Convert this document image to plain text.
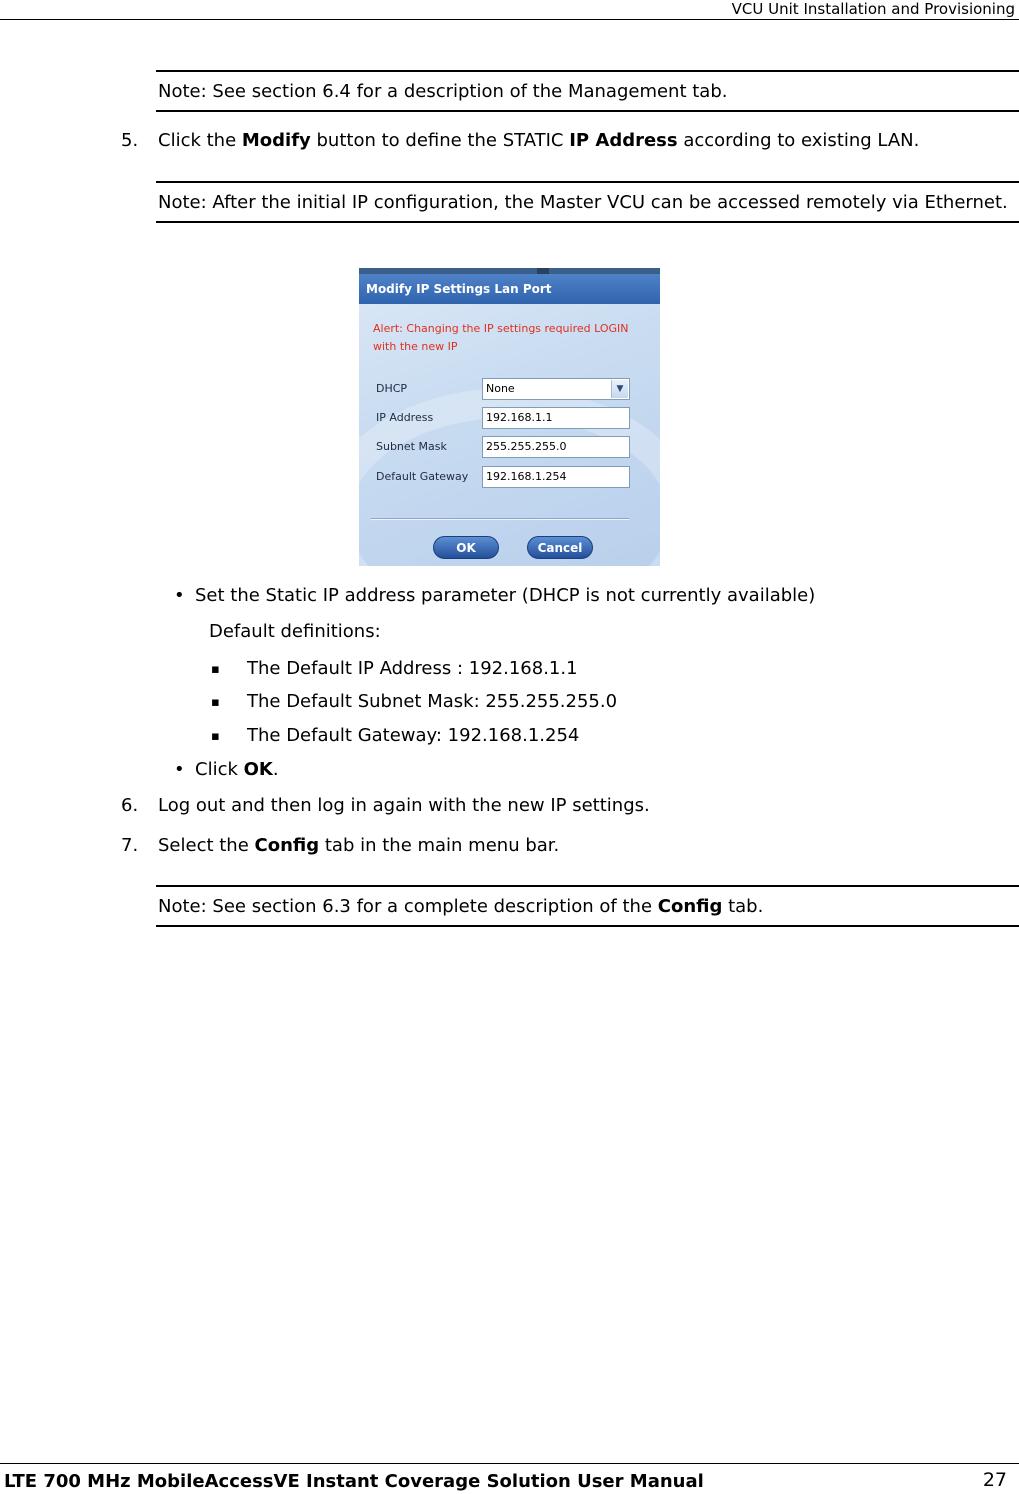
VCU Unit Installation and Provisioning
Note: See section 6.4 for a description of the Management tab.
5. Click the Modify button to define the STATIC IP Address according to existing LAN.
Note: After the initial IP configuration, the Master VCU can be accessed remotely via Ethernet.
Modify IP Settings Lan Port
Alert: Changing the IP settings required LOGIN with the new IP
DHCP	None	▼
IP Address	192.168.1.1
Subnet Mask	255.255.255.0
Default Gateway	192.168.1.254
OK	Cancel
• Set the Static IP address parameter (DHCP is not currently available)
Default definitions:
▪ The Default IP Address : 192.168.1.1
▪ The Default Subnet Mask: 255.255.255.0
▪ The Default Gateway: 192.168.1.254
• Click OK.
6. Log out and then log in again with the new IP settings.
7. Select the Config tab in the main menu bar.
Note: See section 6.3 for a complete description of the Config tab.
LTE 700 MHz MobileAccessVE Instant Coverage Solution User Manual	27
